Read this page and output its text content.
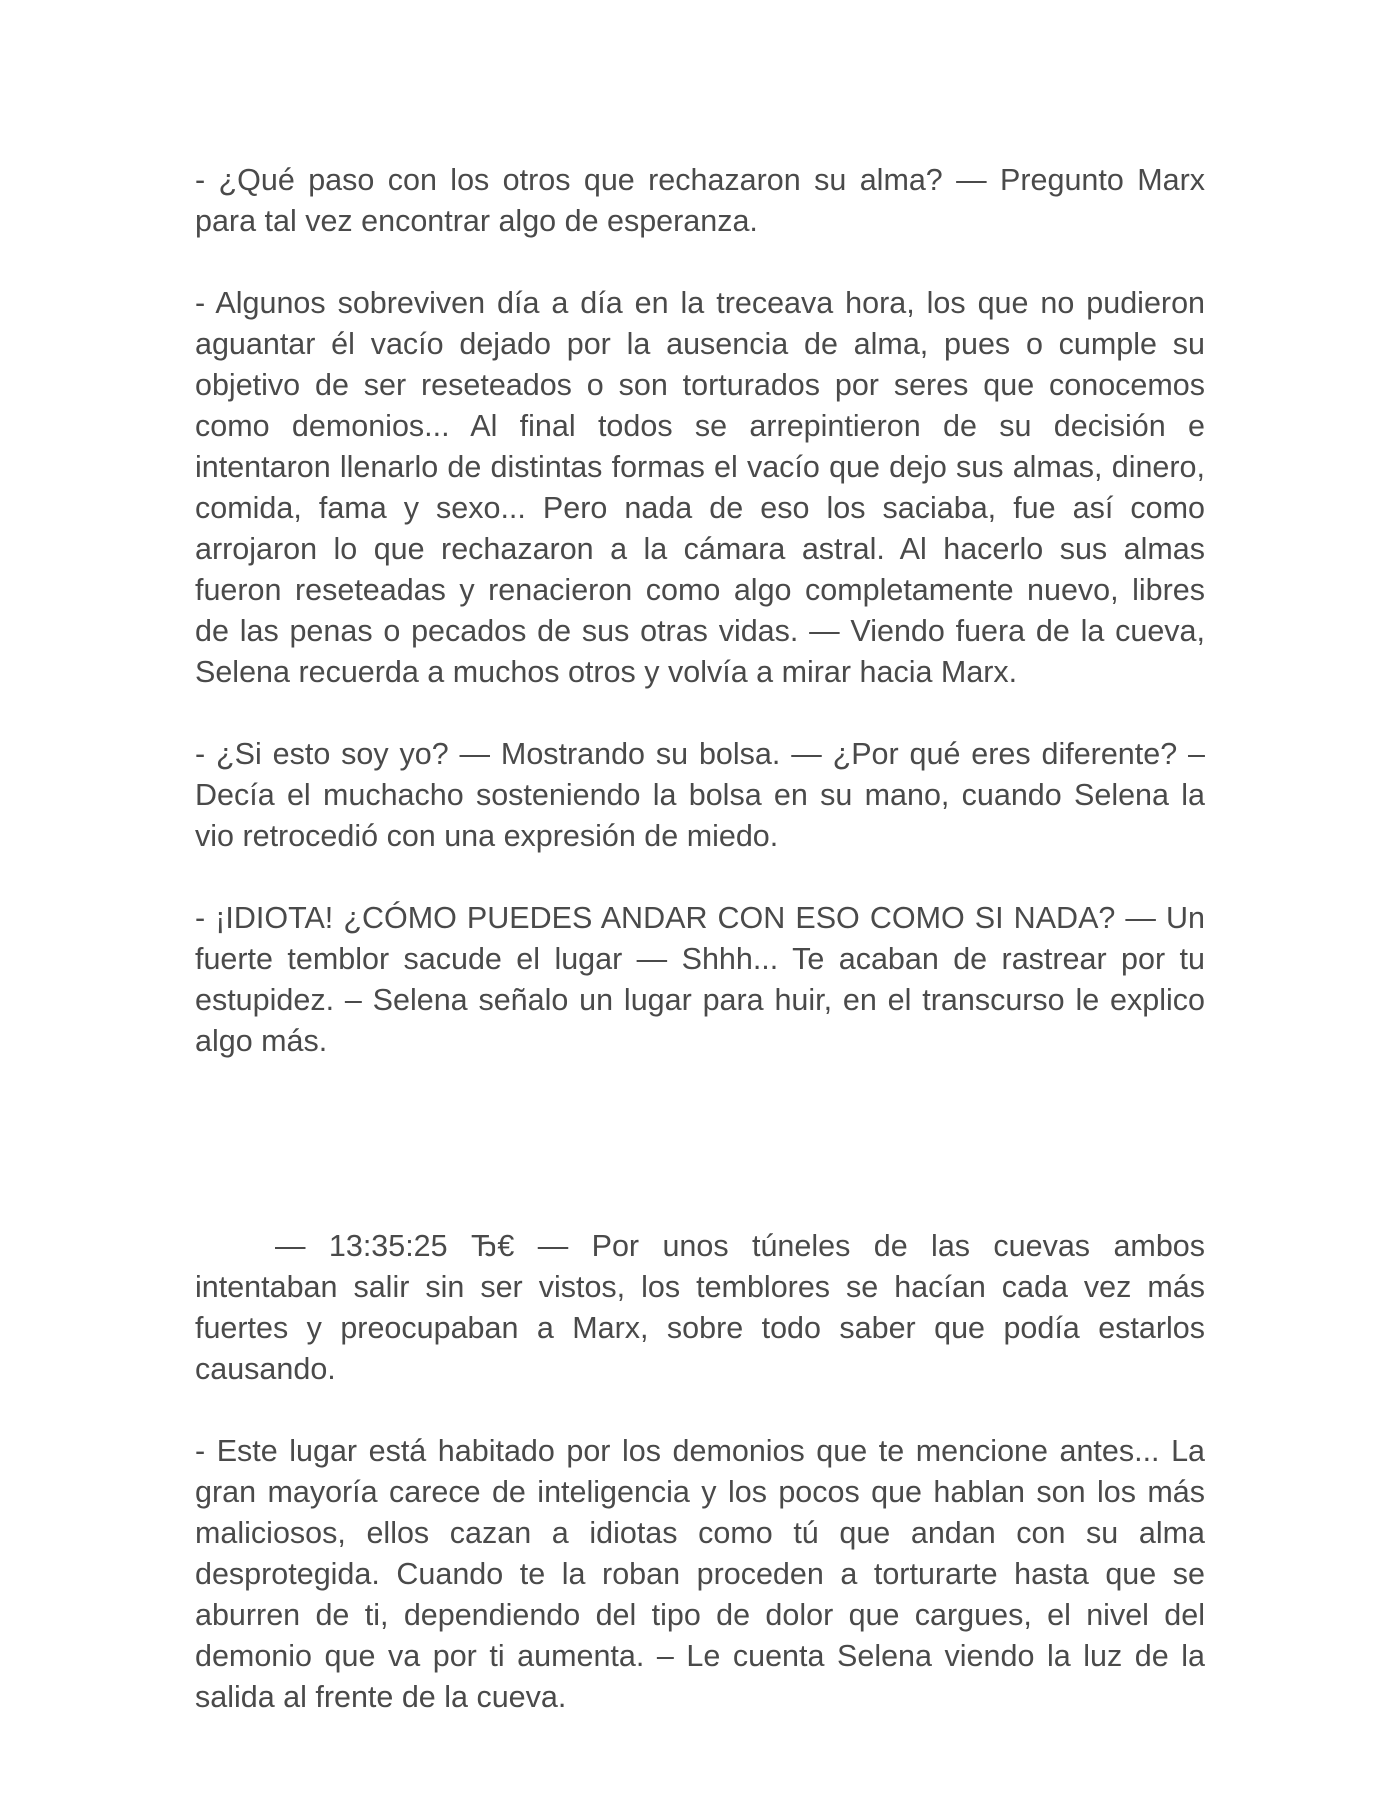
- ¿Qué paso con los otros que rechazaron su alma? — Pregunto Marx para tal vez encontrar algo de esperanza.

- Algunos sobreviven día a día en la treceava hora, los que no pudieron aguantar él vacío dejado por la ausencia de alma, pues o cumple su objetivo de ser reseteados o son torturados por seres que conocemos como demonios... Al final todos se arrepintieron de su decisión e intentaron llenarlo de distintas formas el vacío que dejo sus almas, dinero, comida, fama y sexo... Pero nada de eso los saciaba, fue así como arrojaron lo que rechazaron a la cámara astral. Al hacerlo sus almas fueron reseteadas y renacieron como algo completamente nuevo, libres de las penas o pecados de sus otras vidas. — Viendo fuera de la cueva, Selena recuerda a muchos otros y volvía a mirar hacia Marx.

- ¿Si esto soy yo? — Mostrando su bolsa. — ¿Por qué eres diferente? – Decía el muchacho sosteniendo la bolsa en su mano, cuando Selena la vio retrocedió con una expresión de miedo.

- ¡IDIOTA! ¿CÓMO PUEDES ANDAR CON ESO COMO SI NADA? — Un fuerte temblor sacude el lugar — Shhh... Te acaban de rastrear por tu estupidez. – Selena señalo un lugar para huir, en el transcurso le explico algo más.

— 13:35:25 Ђ€ — Por unos túneles de las cuevas ambos intentaban salir sin ser vistos, los temblores se hacían cada vez más fuertes y preocupaban a Marx, sobre todo saber que podía estarlos causando.

- Este lugar está habitado por los demonios que te mencione antes... La gran mayoría carece de inteligencia y los pocos que hablan son los más maliciosos, ellos cazan a idiotas como tú que andan con su alma desprotegida. Cuando te la roban proceden a torturarte hasta que se aburren de ti, dependiendo del tipo de dolor que cargues, el nivel del demonio que va por ti aumenta. – Le cuenta Selena viendo la luz de la salida al frente de la cueva.
